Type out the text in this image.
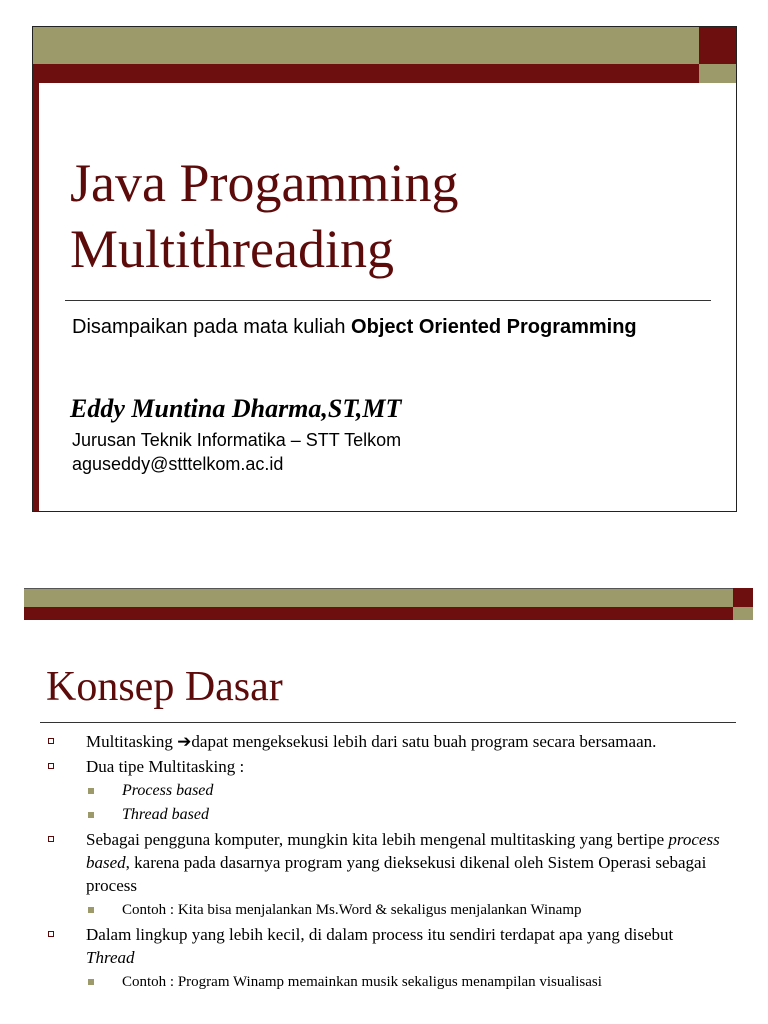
Java Progamming
Multithreading
Disampaikan pada mata kuliah Object Oriented Programming
Eddy Muntina Dharma,ST,MT
Jurusan Teknik Informatika – STT Telkom
aguseddy@stttelkom.ac.id
Konsep Dasar
Multitasking ➔dapat mengeksekusi lebih dari satu buah program secara bersamaan.
Dua tipe Multitasking :
Process based
Thread based
Sebagai pengguna komputer, mungkin kita lebih mengenal multitasking yang bertipe process based, karena pada dasarnya program yang dieksekusi dikenal oleh Sistem Operasi sebagai process
Contoh : Kita bisa menjalankan Ms.Word & sekaligus menjalankan Winamp
Dalam lingkup yang lebih kecil, di dalam process itu sendiri terdapat apa yang disebut Thread
Contoh : Program Winamp memainkan musik sekaligus menampilan visualisasi
